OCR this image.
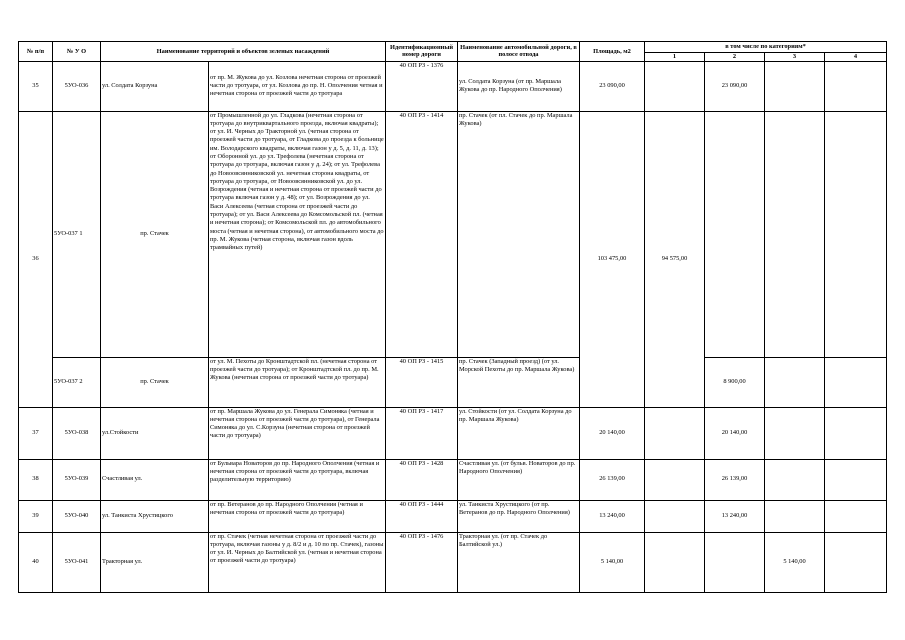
№ п/п	№ У О	Наименование территорий и объектов зеленых насаждений		Идентификационный номер дороги	Наименование автомобильной дороги, в полосе отвода	Площадь, м2	в том числе по категориям*			
							1	2	3	4
35	5УО-036	ул. Солдата Корзуна	от пр. М. Жукова до ул. Козлова нечетная сторона от проезжей части до тротуара, от ул. Козлова до пр. Н. Ополчения четная и нечетная сторона от проезжей части до тротуара	40 ОП РЗ - 1376	ул. Солдата Корзуна (от пр. Маршала Жукова до пр. Народного Ополчения)	23 090,00		23 090,00		
36	5УО-037 1	пр. Стачек	от Промышленной до ул. Гладкова (нечетная сторона от тротуара до внутриквартального проезда, включая квадраты); от ул. И. Черных до Тракторной ул. (четная сторона от проезжей части до тротуара, от Гладкова до проезда к больнице им. Володарского квадраты, включая газон у д. 5, д. 11, д. 13); от Оборонной ул. до ул. Трефолева (нечетная сторона от тротуара до тротуара, включая газон у д. 24); от ул. Трефолева до Новоовсянниковской ул. нечетная сторона квадраты, от тротуара до тротуара, от Новоовсянниковской ул. до ул. Возрождения (четная и нечетная сторона от проезжей части до тротуара включая газон у д. 48); от ул. Возрождения до ул. Васи Алексеева (четная сторона от проезжей части до тротуара); от ул. Васи Алексеева до Комсомольской пл. (четная и нечетная сторона); от Комсомольской пл. до автомобильного моста (четная и нечетная сторона), от автомобильного моста до пр. М. Жукова (четная сторона, включая газон вдоль трамвайных путей)	40 ОП РЗ - 1414	пр. Стачек (от пл. Стачек до пр. Маршала Жукова)	103 475,00	94 575,00			
	5УО-037 2	пр. Стачек	от ул. М. Пехоты до Кронштадтской пл. (нечетная сторона от проезжей части до тротуара); от Кронштадтской пл. до пр. М. Жукова (нечетная сторона от проезжей части до тротуара)	40 ОП РЗ - 1415	пр. Стачек (Западный проезд) (от ул. Морской Пехоты до пр. Маршала Жукова)			8 900,00		
37	5УО-038	ул.Стойкости	от пр. Маршала Жукова до ул. Генерала Симоняка (четная и нечетная сторона от проезжей части до тротуара), от Генерала Симоняка до ул. С.Корзуна (нечетная сторона от проезжей части до тротуара)	40 ОП РЗ - 1417	ул. Стойкости (от ул. Солдата Корзуна до пр. Маршала Жукова)	20 140,00		20 140,00		
38	5УО-039	Счастливая ул.	от Бульвара Новаторов до пр. Народного Ополчения (четная и нечетная сторона от проезжей части до тротуара, включая разделительную территорию)	40 ОП РЗ - 1428	Счастливая ул. (от бульв. Новаторов до пр. Народного Ополчения)	26 139,00		26 139,00		
39	5УО-040	ул. Танкиста Хрустицкого	от пр. Ветеранов до пр. Народного Ополчения (четная и нечетная сторона от проезжей части до тротуара)	40 ОП РЗ - 1444	ул. Танкиста Хрустицкого (от пр. Ветеранов до пр. Народного Ополчения)	13 240,00		13 240,00		
40	5УО-041	Тракторная ул.	от пр. Стачек (четная нечетная сторона от проезжей части до тротуара, включая газоны у д. 8/2 и д. 10 по пр. Стачек), газоны от ул. И. Черных до Балтийской ул. (четная и нечетная сторона от проезжей части до тротуара)	40 ОП РЗ - 1476	Тракторная ул. (от пр. Стачек до Балтийской ул.)	5 140,00			5 140,00	
